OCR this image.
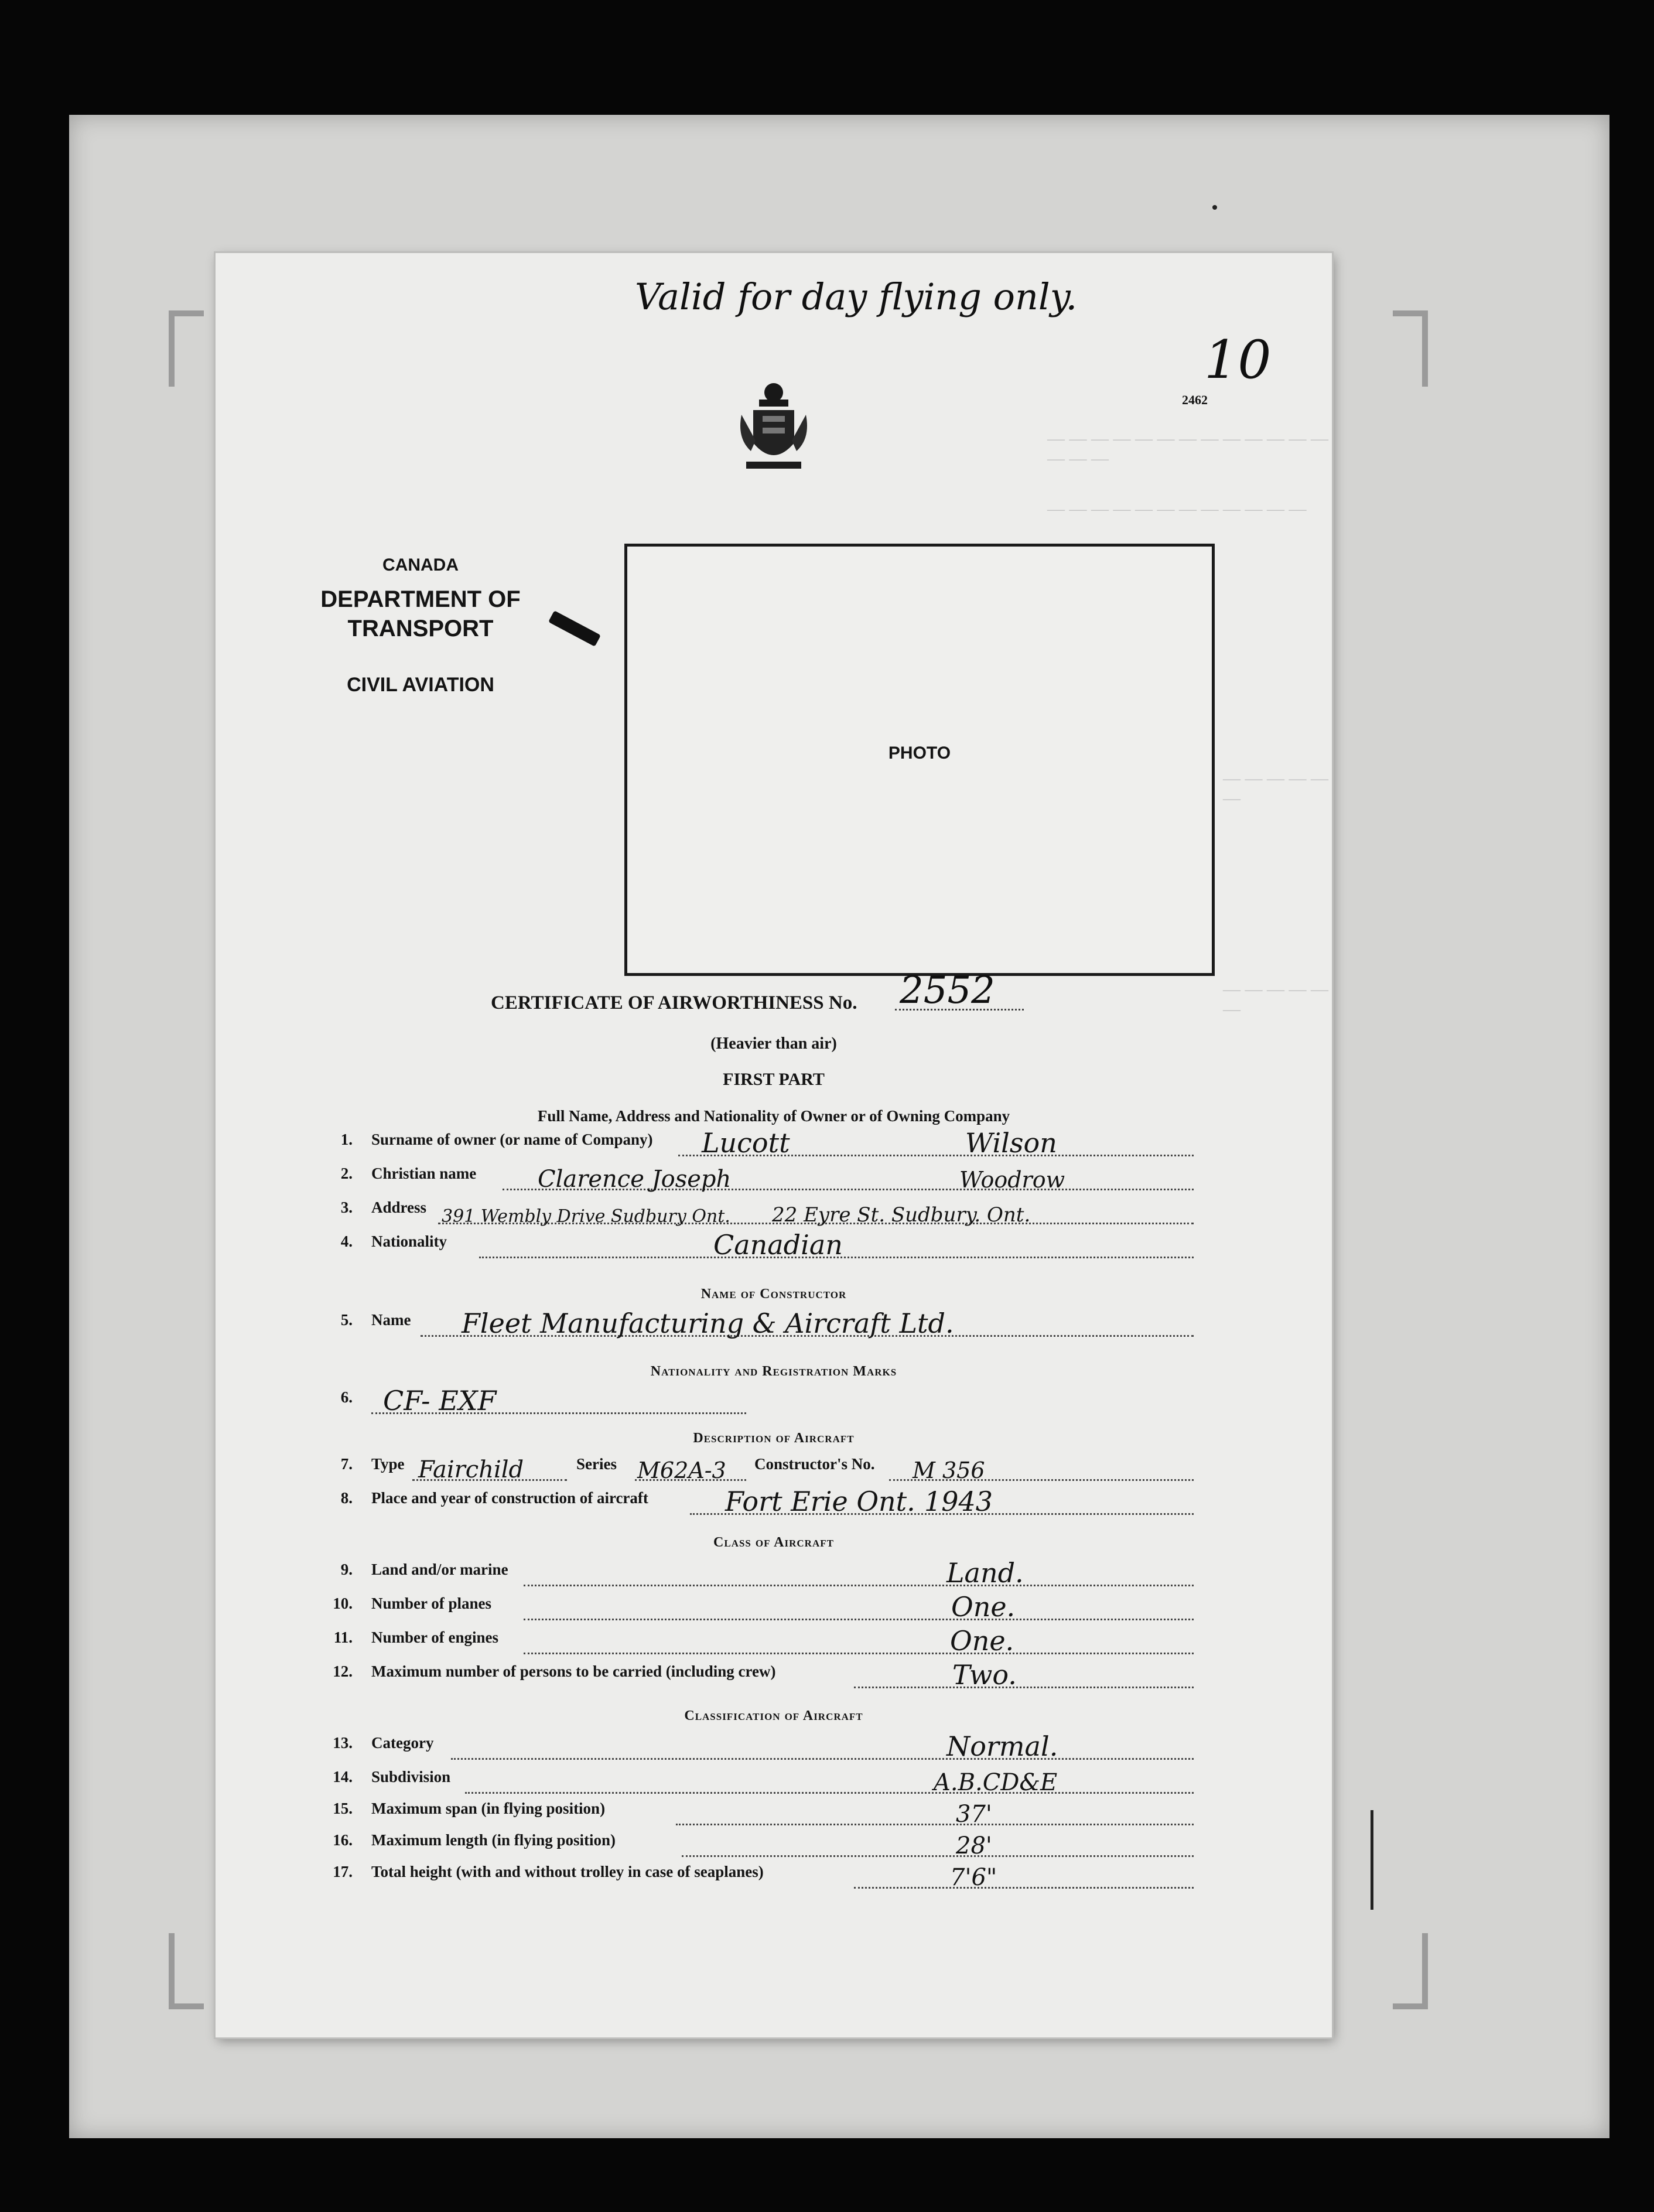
— — — — — — — — — — — — — — — —
— — — — — — — — — — — —
— — — — — —
— — — — — —
Valid for day flying only.
10
2462
CANADA
DEPARTMENT OF TRANSPORT
CIVIL AVIATION
PHOTO
CERTIFICATE OF AIRWORTHINESS No. 2552
(Heavier than air)
FIRST PART
Full Name, Address and Nationality of Owner or of Owning Company
1. Surname of owner (or name of Company) Lucott	Wilson
2. Christian name	Clarence Joseph	Woodrow
3. Address 391 Wembly Drive Sudbury Ont. 22 Eyre St. Sudbury. Ont.
4. Nationality	Canadian
Name of Constructor
5. Name Fleet Manufacturing & Aircraft Ltd.
Nationality and Registration Marks
6. CF- EXF
Description of Aircraft
7. Type Fairchild	Series M62A-3 Constructor's No. M 356
8. Place and year of construction of aircraft	Fort Erie Ont. 1943
Class of Aircraft
9. Land and/or marine	Land.
10. Number of planes	One.
11. Number of engines	One.
12. Maximum number of persons to be carried (including crew)	Two.
Classification of Aircraft
13. Category	Normal.
14. Subdivision	A.B.CD&E
15. Maximum span (in flying position)	37'
16. Maximum length (in flying position)	28'
17. Total height (with and without trolley in case of seaplanes)	7'6"
